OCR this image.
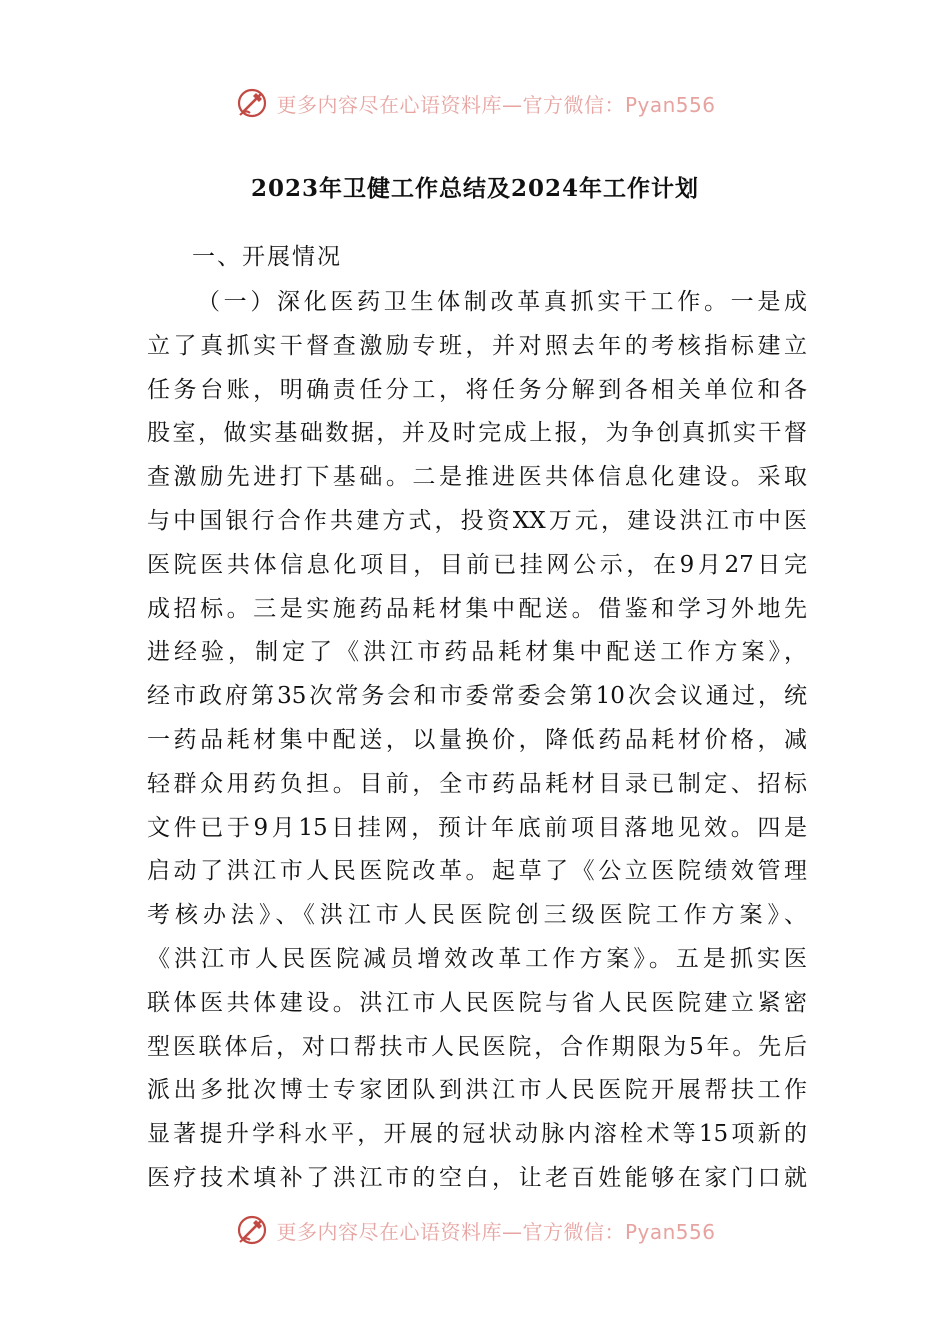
更多内容尽在心语资料库—官方微信：Pyan556
2023年卫健工作总结及2024年工作计划
一、开展情况
（一）深化医药卫生体制改革真抓实干工作。一是成
立了真抓实干督查激励专班，并对照去年的考核指标建立
任务台账，明确责任分工，将任务分解到各相关单位和各
股室，做实基础数据，并及时完成上报，为争创真抓实干督
查激励先进打下基础。二是推进医共体信息化建设。采取
与中国银行合作共建方式，投资XX万元，建设洪江市中医
医院医共体信息化项目，目前已挂网公示，在9月27日完
成招标。三是实施药品耗材集中配送。借鉴和学习外地先
进经验，制定了《洪江市药品耗材集中配送工作方案》，
经市政府第35次常务会和市委常委会第10次会议通过，统
一药品耗材集中配送，以量换价，降低药品耗材价格，减
轻群众用药负担。目前，全市药品耗材目录已制定、招标
文件已于9月15日挂网，预计年底前项目落地见效。四是
启动了洪江市人民医院改革。起草了《公立医院绩效管理
考核办法》、《洪江市人民医院创三级医院工作方案》、
《洪江市人民医院减员增效改革工作方案》。五是抓实医
联体医共体建设。洪江市人民医院与省人民医院建立紧密
型医联体后，对口帮扶市人民医院，合作期限为5年。先后
派出多批次博士专家团队到洪江市人民医院开展帮扶工作
显著提升学科水平，开展的冠状动脉内溶栓术等15项新的
医疗技术填补了洪江市的空白，让老百姓能够在家门口就
更多内容尽在心语资料库—官方微信：Pyan556
